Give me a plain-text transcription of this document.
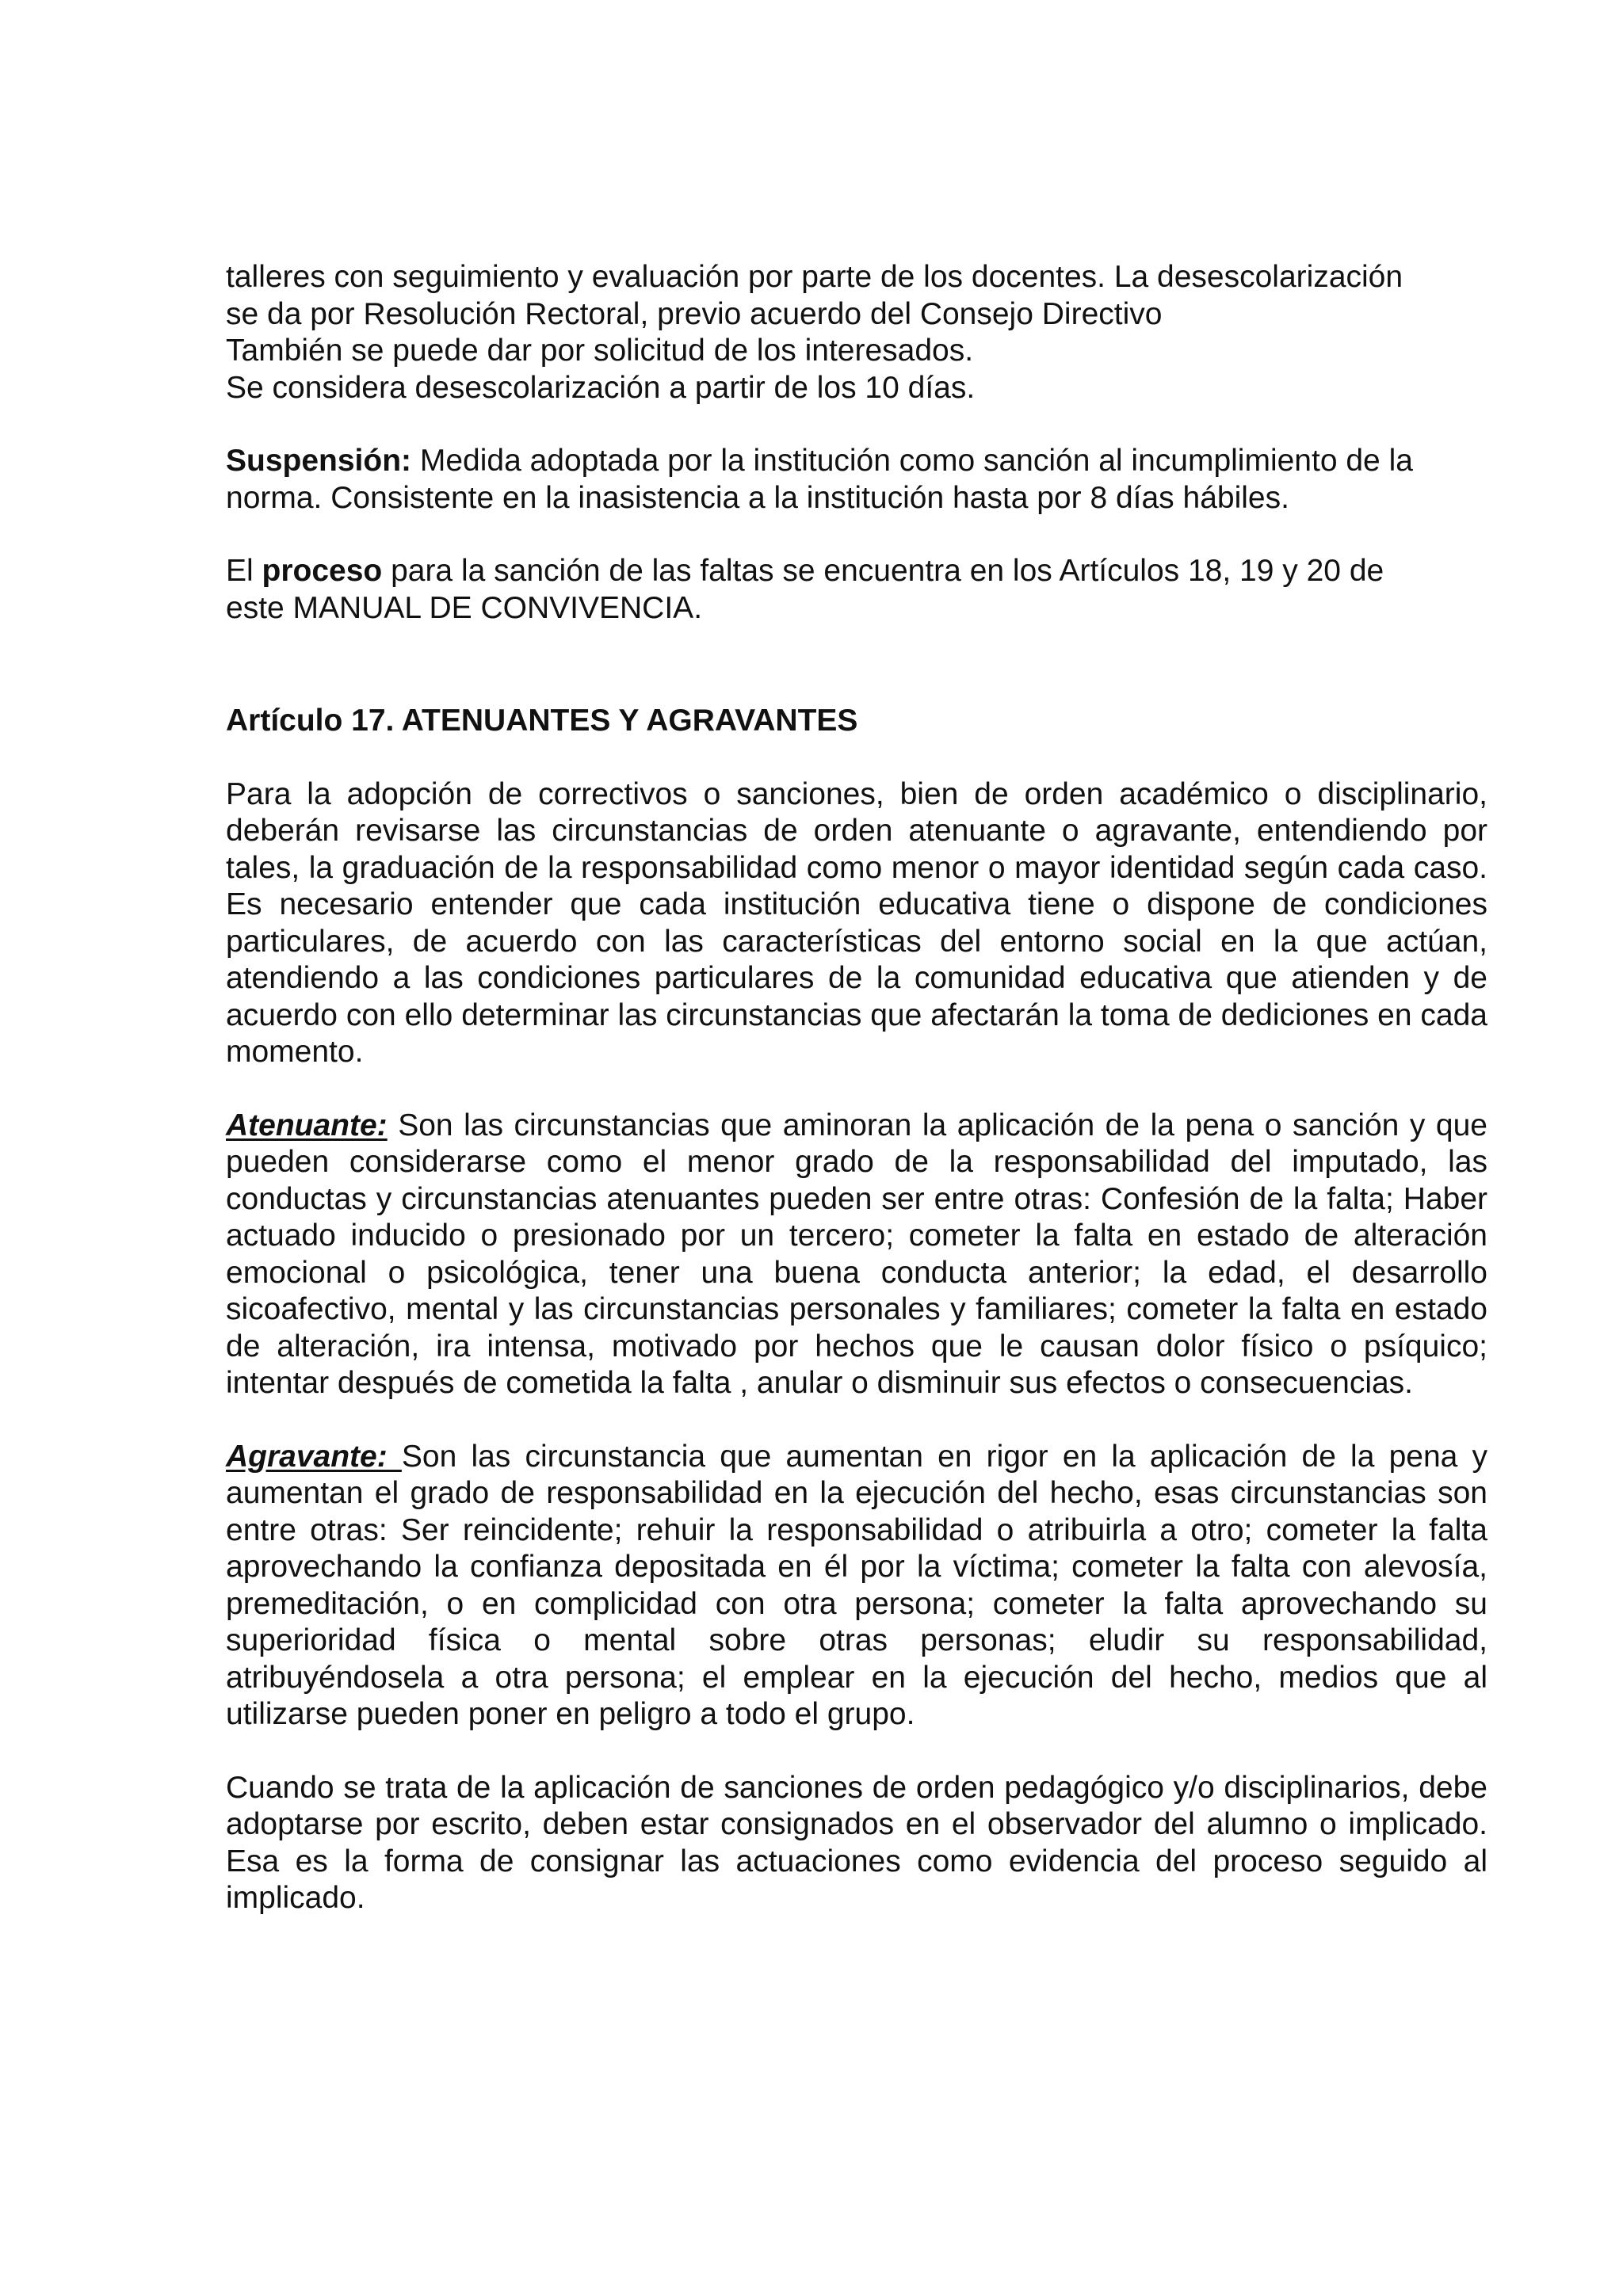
talleres con seguimiento y evaluación por parte de los docentes. La desescolarización
se da por Resolución Rectoral, previo acuerdo del Consejo Directivo
También se puede dar por solicitud de los interesados.
Se considera desescolarización a partir de los 10 días.
Suspensión: Medida adoptada por la institución como sanción al incumplimiento de la
norma. Consistente en la inasistencia a la institución hasta por 8 días hábiles.
El proceso para la sanción de las faltas se encuentra en los Artículos 18, 19 y 20 de
este MANUAL DE CONVIVENCIA.
Artículo 17. ATENUANTES Y AGRAVANTES

Para la adopción de correctivos o sanciones, bien de orden académico o disciplinario, deberán revisarse las circunstancias de orden atenuante o agravante, entendiendo por tales, la graduación de la responsabilidad como menor o mayor identidad según cada caso. Es necesario entender que cada institución educativa tiene o dispone de condiciones particulares, de acuerdo con las características del entorno social en la que actúan, atendiendo a las condiciones particulares de la comunidad educativa que atienden y de acuerdo con ello determinar las circunstancias que afectarán la toma de dediciones en cada momento.

Atenuante: Son las circunstancias que aminoran la aplicación de la pena o sanción y que pueden considerarse como el menor grado de la responsabilidad del imputado, las conductas y circunstancias atenuantes pueden ser entre otras: Confesión de la falta; Haber actuado inducido o presionado por un tercero; cometer la falta en estado de alteración emocional o psicológica, tener una buena conducta anterior; la edad, el desarrollo sicoafectivo, mental y las circunstancias personales y familiares; cometer la falta en estado de alteración, ira intensa, motivado por hechos que le causan dolor físico o psíquico; intentar después de cometida la falta , anular o disminuir sus efectos o consecuencias.

Agravante: Son las circunstancia que aumentan en rigor en la aplicación de la pena y aumentan el grado de responsabilidad en la ejecución del hecho, esas circunstancias son entre otras: Ser reincidente; rehuir la responsabilidad o atribuirla a otro; cometer la falta aprovechando la confianza depositada en él por la víctima; cometer la falta con alevosía, premeditación, o en complicidad con otra persona; cometer la falta aprovechando su superioridad física o mental sobre otras personas; eludir su responsabilidad, atribuyéndosela a otra persona; el emplear en la ejecución del hecho, medios que al utilizarse pueden poner en peligro a todo el grupo.

Cuando se trata de la aplicación de sanciones de orden pedagógico y/o disciplinarios, debe adoptarse por escrito, deben estar consignados en el observador del alumno o implicado. Esa es la forma de consignar las actuaciones como evidencia del proceso seguido al implicado.
